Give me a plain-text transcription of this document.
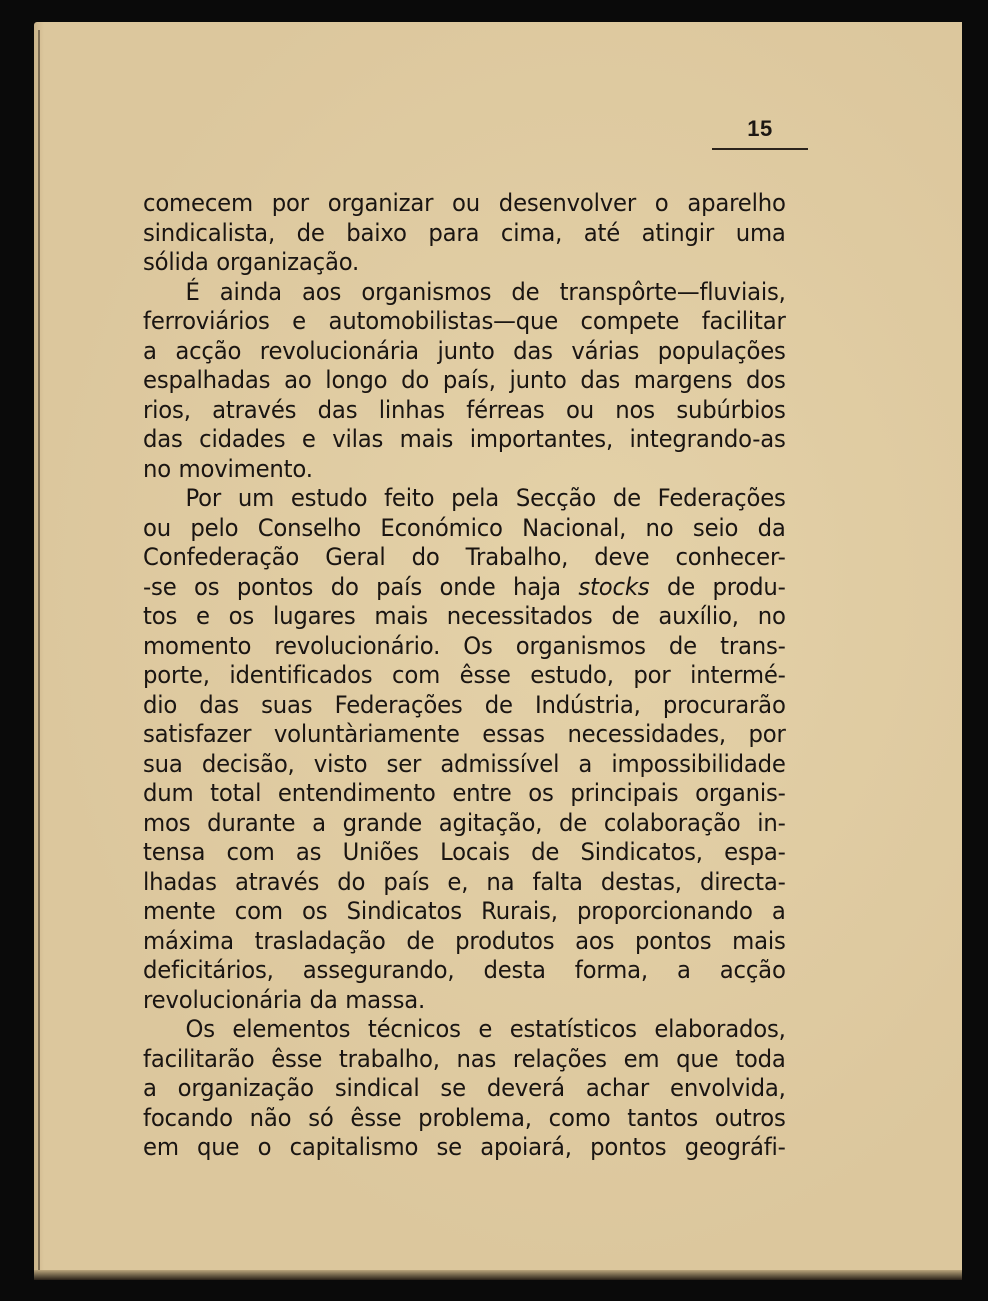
15
comecem por organizar ou desenvolver o aparelho
sindicalista, de baixo para cima, até atingir uma
sólida organização.
É ainda aos organismos de transpôrte—fluviais,
ferroviários e automobilistas—que compete facilitar
a acção revolucionária junto das várias populações
espalhadas ao longo do país, junto das margens dos
rios, através das linhas férreas ou nos subúrbios
das cidades e vilas mais importantes, integrando-as
no movimento.
Por um estudo feito pela Secção de Federações
ou pelo Conselho Económico Nacional, no seio da
Confederação Geral do Trabalho, deve conhecer-
-se os pontos do país onde haja stocks de produ-
tos e os lugares mais necessitados de auxílio, no
momento revolucionário. Os organismos de trans-
porte, identificados com êsse estudo, por intermé-
dio das suas Federações de Indústria, procurarão
satisfazer voluntàriamente essas necessidades, por
sua decisão, visto ser admissível a impossibilidade
dum total entendimento entre os principais organis-
mos durante a grande agitação, de colaboração in-
tensa com as Uniões Locais de Sindicatos, espa-
lhadas através do país e, na falta destas, directa-
mente com os Sindicatos Rurais, proporcionando a
máxima trasladação de produtos aos pontos mais
deficitários, assegurando, desta forma, a acção
revolucionária da massa.
Os elementos técnicos e estatísticos elaborados,
facilitarão êsse trabalho, nas relações em que toda
a organização sindical se deverá achar envolvida,
focando não só êsse problema, como tantos outros
em que o capitalismo se apoiará, pontos geográfi-
